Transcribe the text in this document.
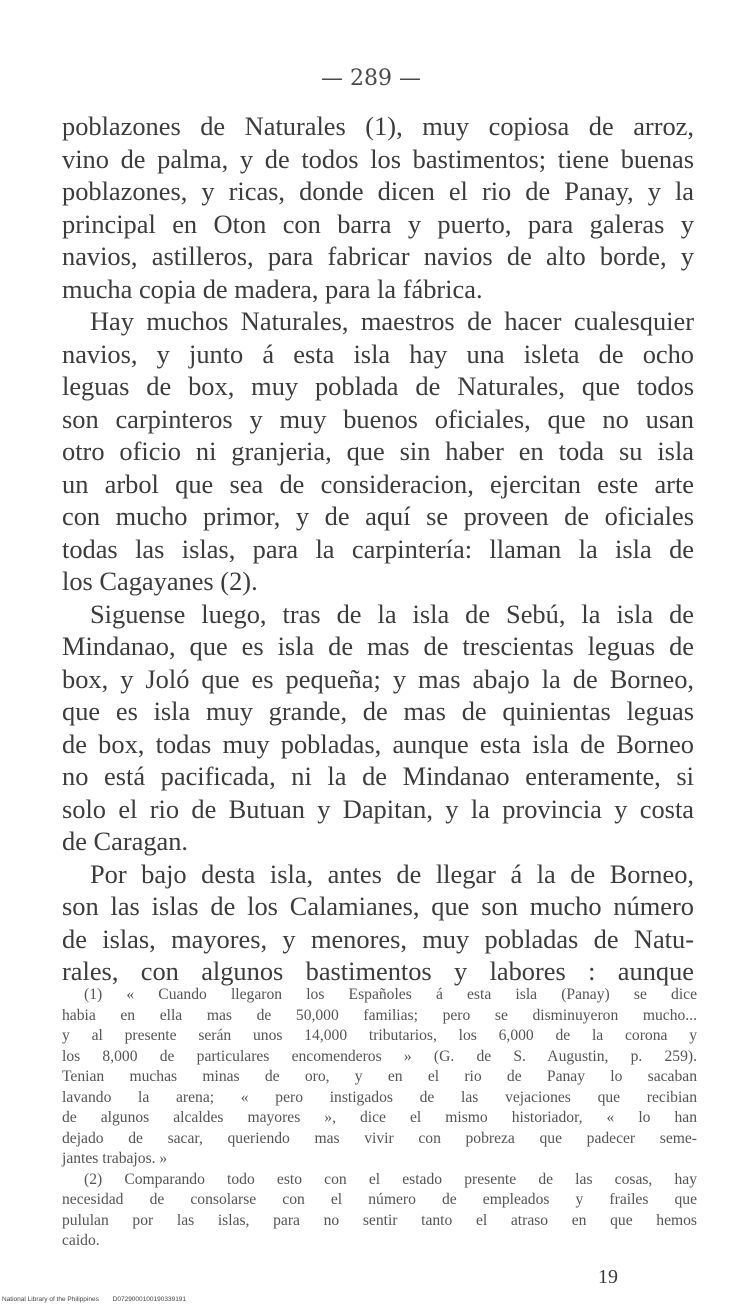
— 289 —
poblazones de Naturales (1), muy copiosa de arroz,
vino de palma, y de todos los bastimentos; tiene buenas
poblazones, y ricas, donde dicen el rio de Panay, y la
principal en Oton con barra y puerto, para galeras y
navios, astilleros, para fabricar navios de alto borde, y
mucha copia de madera, para la fábrica.
Hay muchos Naturales, maestros de hacer cualesquier
navios, y junto á esta isla hay una isleta de ocho
leguas de box, muy poblada de Naturales, que todos
son carpinteros y muy buenos oficiales, que no usan
otro oficio ni granjeria, que sin haber en toda su isla
un arbol que sea de consideracion, ejercitan este arte
con mucho primor, y de aquí se proveen de oficiales
todas las islas, para la carpintería: llaman la isla de
los Cagayanes (2).
Siguense luego, tras de la isla de Sebú, la isla de
Mindanao, que es isla de mas de trescientas leguas de
box, y Joló que es pequeña; y mas abajo la de Borneo,
que es isla muy grande, de mas de quinientas leguas
de box, todas muy pobladas, aunque esta isla de Borneo
no está pacificada, ni la de Mindanao enteramente, si
solo el rio de Butuan y Dapitan, y la provincia y costa
de Caragan.
Por bajo desta isla, antes de llegar á la de Borneo,
son las islas de los Calamianes, que son mucho número
de islas, mayores, y menores, muy pobladas de Natu-
rales, con algunos bastimentos y labores : aunque
(1) « Cuando llegaron los Españoles á esta isla (Panay) se dice
habia en ella mas de 50,000 familias; pero se disminuyeron mucho...
y al presente serán unos 14,000 tributarios, los 6,000 de la corona y
los 8,000 de particulares encomenderos » (G. de S. Augustin, p. 259).
Tenian muchas minas de oro, y en el rio de Panay lo sacaban
lavando la arena; « pero instigados de las vejaciones que recibian
de algunos alcaldes mayores », dice el mismo historiador, « lo han
dejado de sacar, queriendo mas vivir con pobreza que padecer seme-
jantes trabajos. »
(2) Comparando todo esto con el estado presente de las cosas, hay
necesidad de consolarse con el número de empleados y frailes que
pululan por las islas, para no sentir tanto el atraso en que hemos
caido.
19
National Library of the Philippines D0729000100190339191
